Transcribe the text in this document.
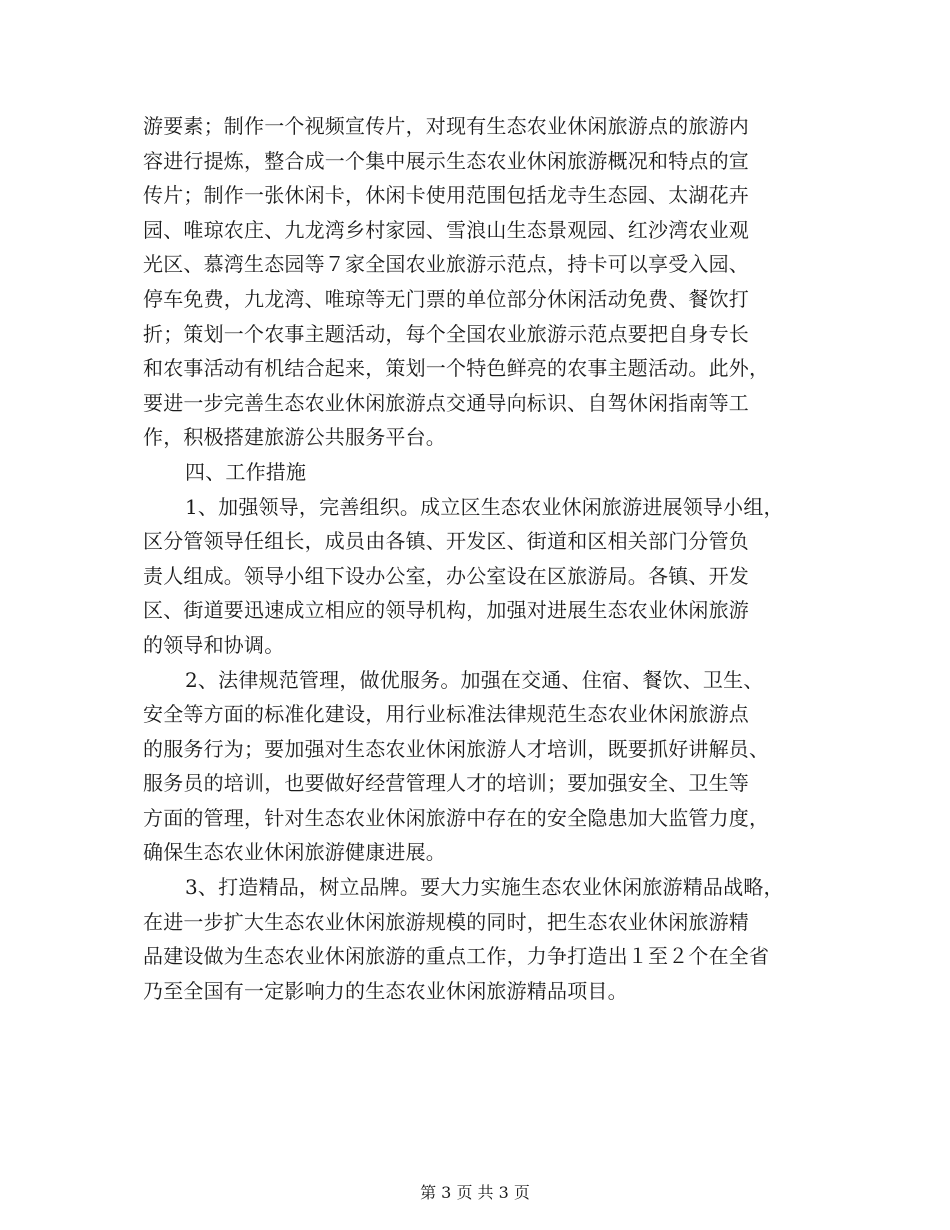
游要素；制作一个视频宣传片，对现有生态农业休闲旅游点的旅游内
容进行提炼，整合成一个集中展示生态农业休闲旅游概况和特点的宣
传片；制作一张休闲卡，休闲卡使用范围包括龙寺生态园、太湖花卉
园、唯琼农庄、九龙湾乡村家园、雪浪山生态景观园、红沙湾农业观
光区、慕湾生态园等７家全国农业旅游示范点，持卡可以享受入园、
停车免费，九龙湾、唯琼等无门票的单位部分休闲活动免费、餐饮打
折；策划一个农事主题活动，每个全国农业旅游示范点要把自身专长
和农事活动有机结合起来，策划一个特色鲜亮的农事主题活动。此外，
要进一步完善生态农业休闲旅游点交通导向标识、自驾休闲指南等工
作，积极搭建旅游公共服务平台。
四、工作措施
1、加强领导，完善组织。成立区生态农业休闲旅游进展领导小组，
区分管领导任组长，成员由各镇、开发区、街道和区相关部门分管负
责人组成。领导小组下设办公室，办公室设在区旅游局。各镇、开发
区、街道要迅速成立相应的领导机构，加强对进展生态农业休闲旅游
的领导和协调。
2、法律规范管理，做优服务。加强在交通、住宿、餐饮、卫生、
安全等方面的标准化建设，用行业标准法律规范生态农业休闲旅游点
的服务行为；要加强对生态农业休闲旅游人才培训，既要抓好讲解员、
服务员的培训，也要做好经营管理人才的培训；要加强安全、卫生等
方面的管理，针对生态农业休闲旅游中存在的安全隐患加大监管力度，
确保生态农业休闲旅游健康进展。
3、打造精品，树立品牌。要大力实施生态农业休闲旅游精品战略，
在进一步扩大生态农业休闲旅游规模的同时，把生态农业休闲旅游精
品建设做为生态农业休闲旅游的重点工作，力争打造出１至２个在全省
乃至全国有一定影响力的生态农业休闲旅游精品项目。
第 3 页 共 3 页
